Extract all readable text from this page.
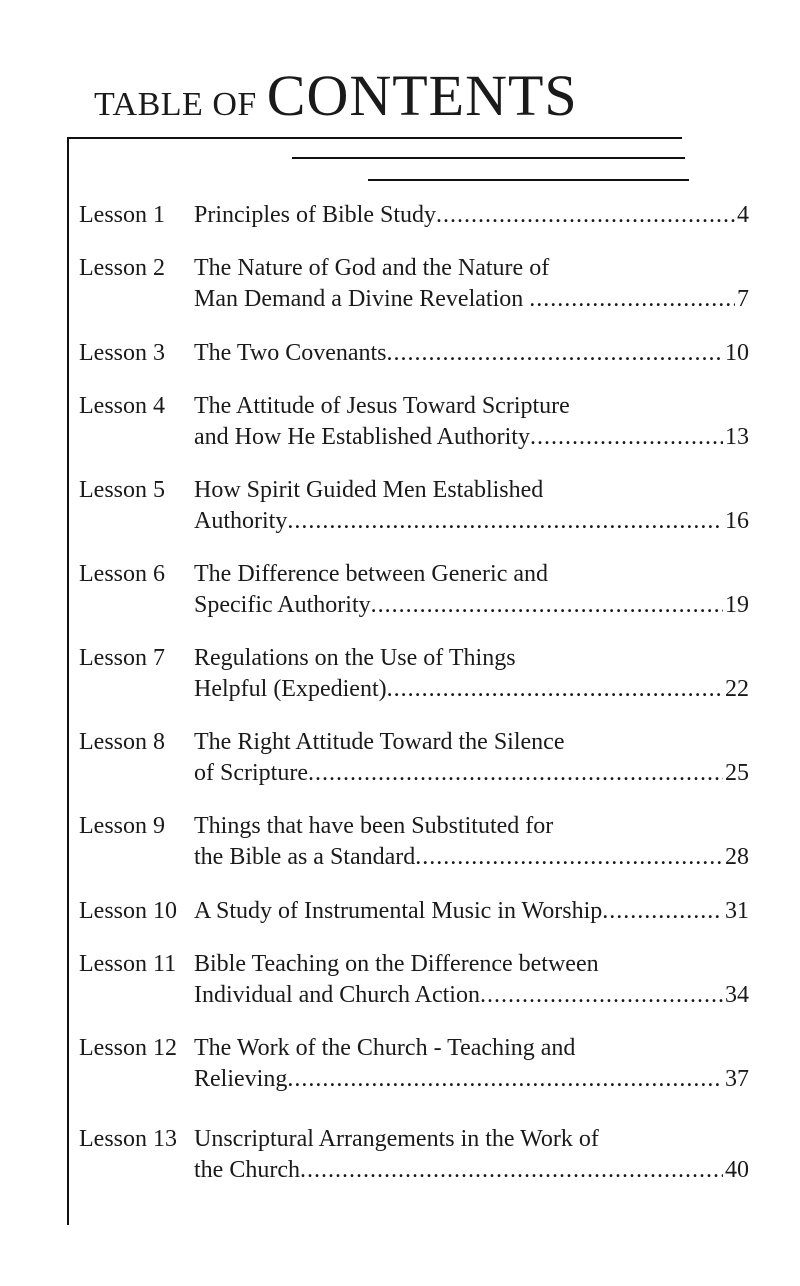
TABLE OF CONTENTS
Lesson 1 Principles of Bible Study .....	4
Lesson 2 The Nature of God and the Nature of
Man Demand a Divine Revelation .....	7
Lesson 3 The Two Covenants .....	10
Lesson 4 The Attitude of Jesus Toward Scripture
and How He Established Authority .....	13
Lesson 5 How Spirit Guided Men Established
Authority .....	16
Lesson 6 The Difference between Generic and
Specific Authority .....	19
Lesson 7 Regulations on the Use of Things
Helpful (Expedient) .....	22
Lesson 8 The Right Attitude Toward the Silence
of Scripture .....	25
Lesson 9 Things that have been Substituted for
the Bible as a Standard .....	28
Lesson 10 A Study of Instrumental Music in Worship .....	31
Lesson 11 Bible Teaching on the Difference between
Individual and Church Action .....	34
Lesson 12 The Work of the Church - Teaching and
Relieving .....	37
Lesson 13 Unscriptural Arrangements in the Work of
the Church .....	40
